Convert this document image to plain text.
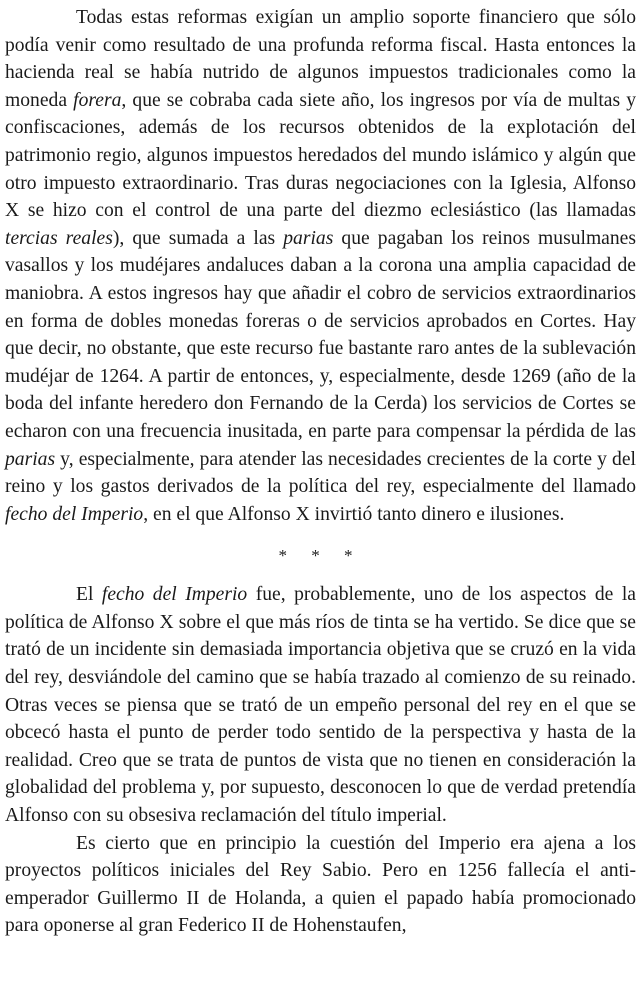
Todas estas reformas exigían un amplio soporte financiero que sólo podía venir como resultado de una profunda reforma fiscal. Hasta entonces la hacienda real se había nutrido de algunos impuestos tradicionales como la moneda forera, que se cobraba cada siete año, los ingresos por vía de multas y confiscaciones, además de los recursos obtenidos de la explotación del patrimonio regio, algunos impuestos heredados del mundo islámico y algún que otro impuesto extraordinario. Tras duras negociaciones con la Iglesia, Alfonso X se hizo con el control de una parte del diezmo eclesiástico (las llamadas tercias reales), que sumada a las parias que pagaban los reinos musulmanes vasallos y los mudéjares andaluces daban a la corona una amplia capacidad de maniobra. A estos ingresos hay que añadir el cobro de servicios extraordinarios en forma de dobles monedas foreras o de servicios aprobados en Cortes. Hay que decir, no obstante, que este recurso fue bastante raro antes de la sublevación mudéjar de 1264. A partir de entonces, y, especialmente, desde 1269 (año de la boda del infante heredero don Fernando de la Cerda) los servicios de Cortes se echaron con una frecuencia inusitada, en parte para compensar la pérdida de las parias y, especialmente, para atender las necesidades crecientes de la corte y del reino y los gastos derivados de la política del rey, especialmente del llamado fecho del Imperio, en el que Alfonso X invirtió tanto dinero e ilusiones.

* * *

El fecho del Imperio fue, probablemente, uno de los aspectos de la política de Alfonso X sobre el que más ríos de tinta se ha vertido. Se dice que se trató de un incidente sin demasiada importancia objetiva que se cruzó en la vida del rey, desviándole del camino que se había trazado al comienzo de su reinado. Otras veces se piensa que se trató de un empeño personal del rey en el que se obcecó hasta el punto de perder todo sentido de la perspectiva y hasta de la realidad. Creo que se trata de puntos de vista que no tienen en consideración la globalidad del problema y, por supuesto, desconocen lo que de verdad pretendía Alfonso con su obsesiva reclamación del título imperial.

Es cierto que en principio la cuestión del Imperio era ajena a los proyectos políticos iniciales del Rey Sabio. Pero en 1256 fallecía el anti-emperador Guillermo II de Holanda, a quien el papado había promocionado para oponerse al gran Federico II de Hohenstaufen,
